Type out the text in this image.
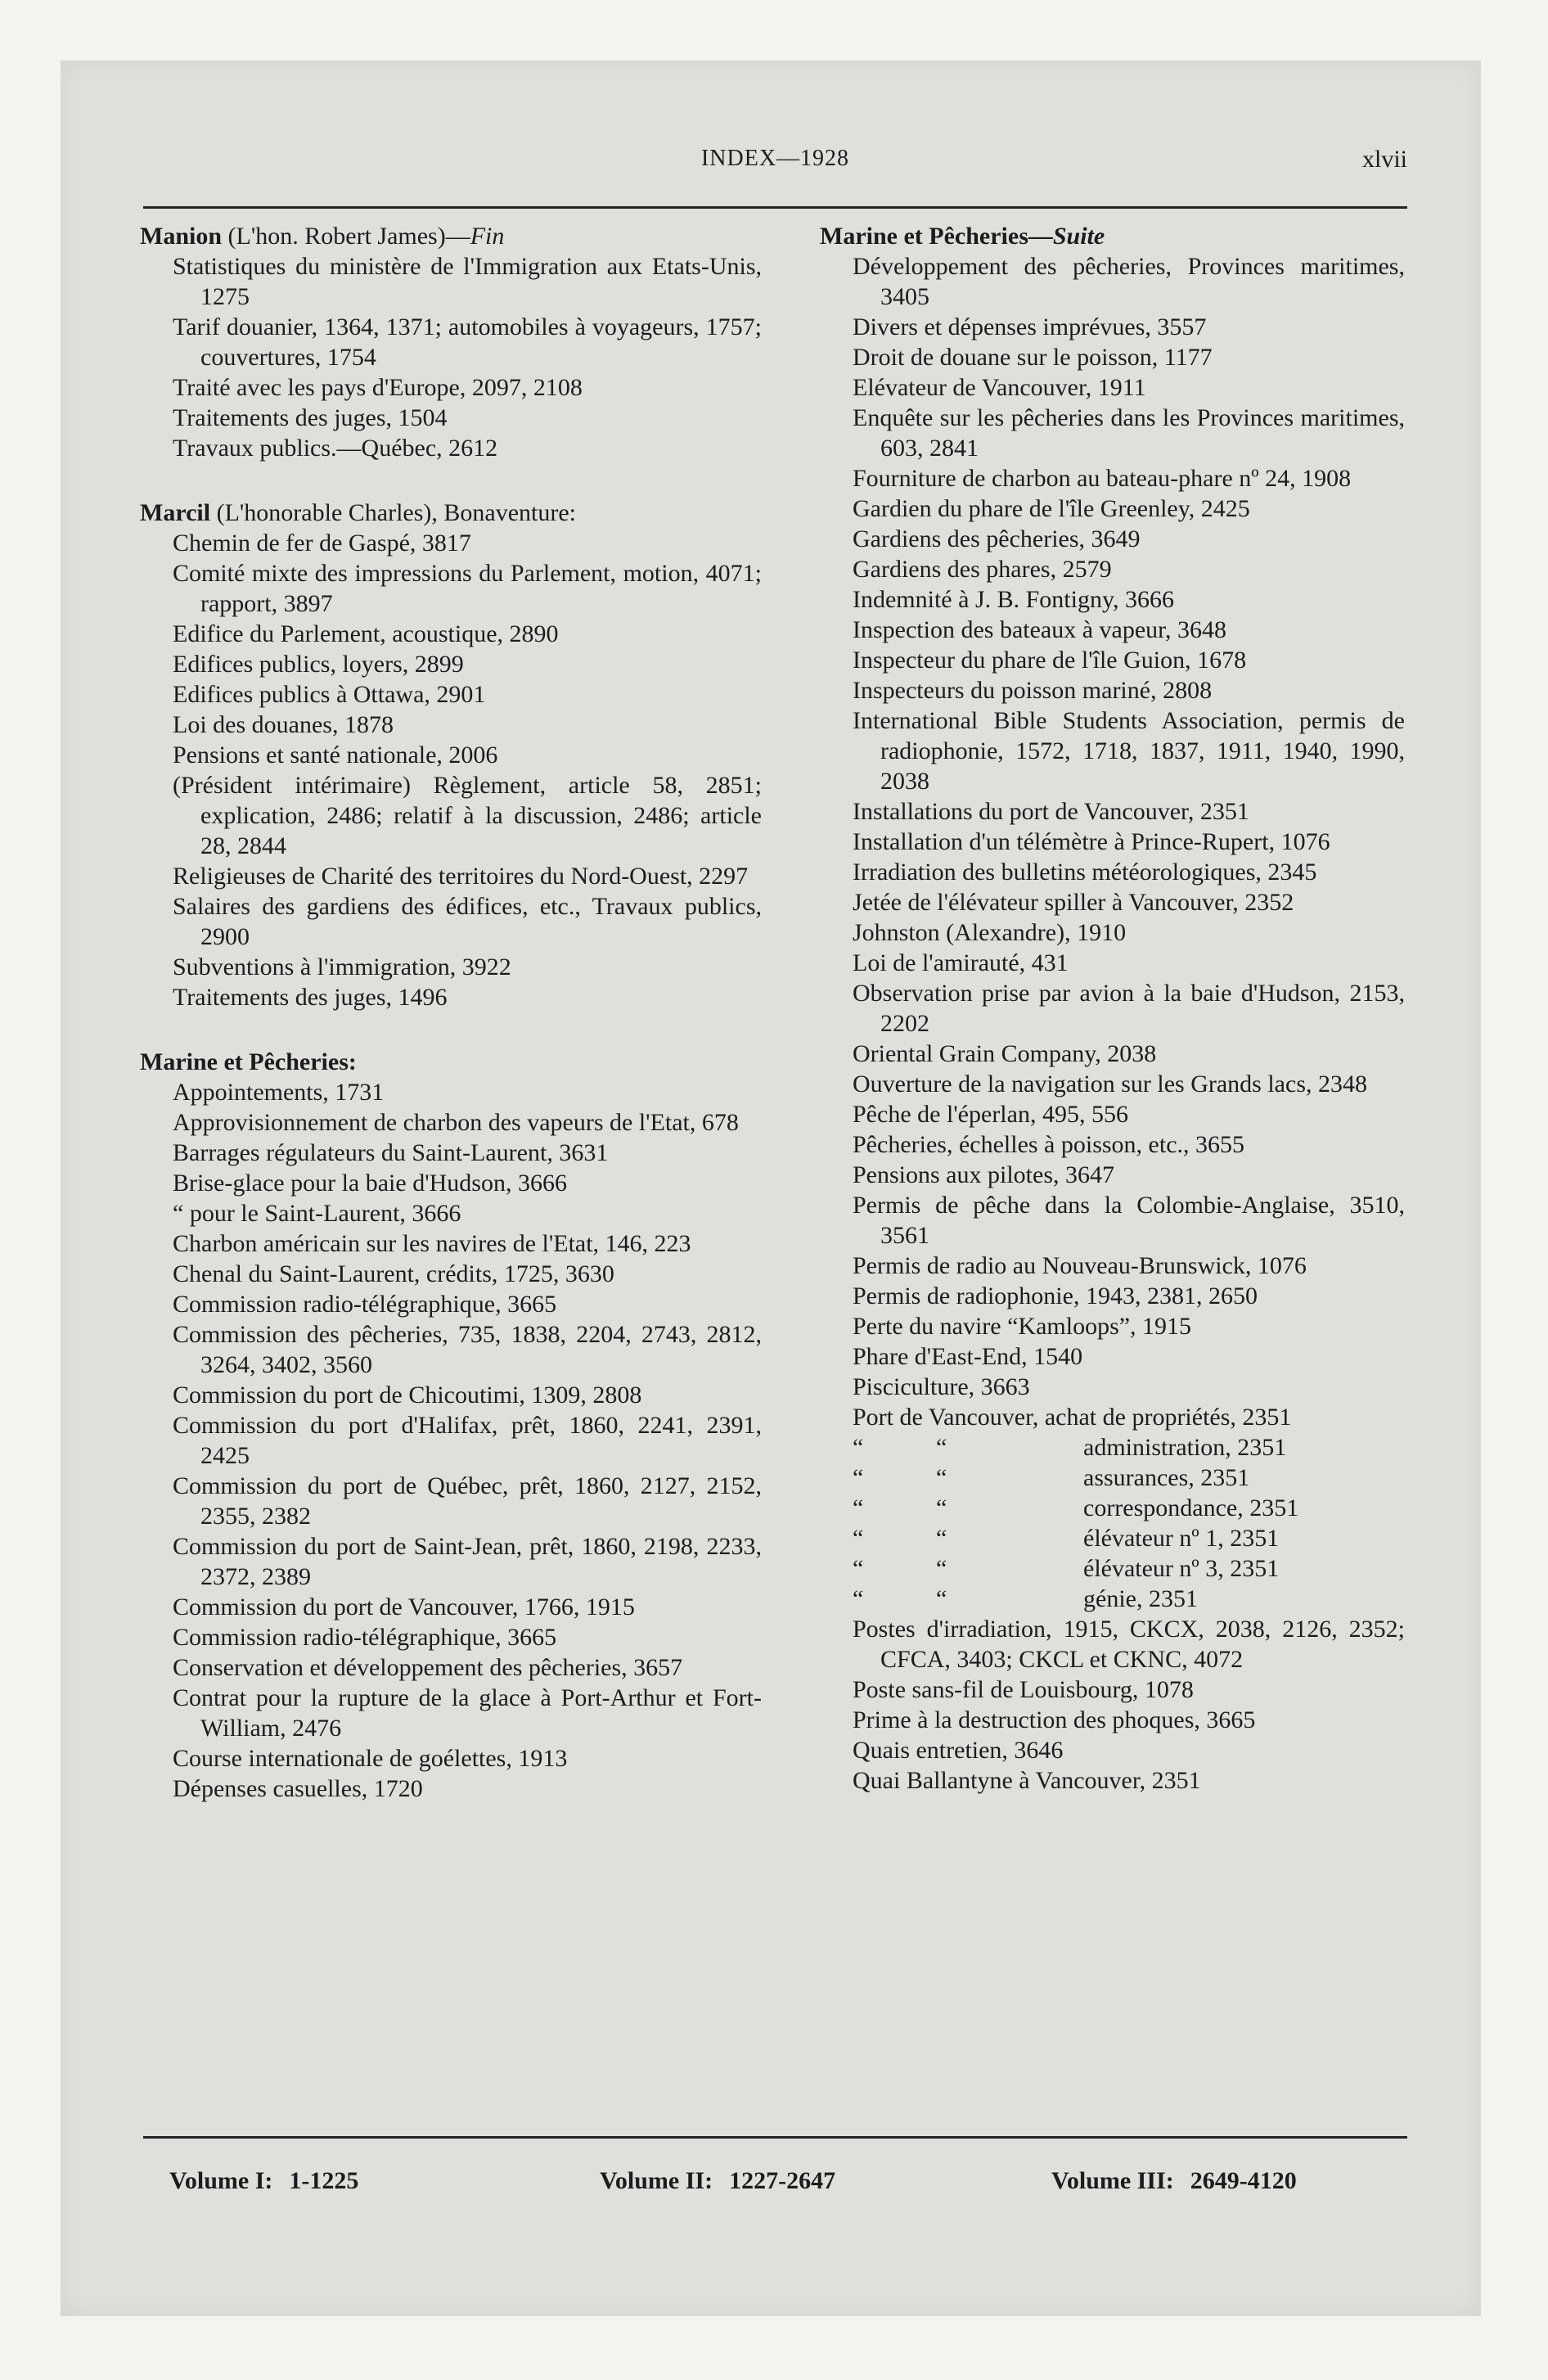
INDEX—1928	xlvii
Manion (L'hon. Robert James)—Fin
Statistiques du ministère de l'Immigration aux Etats-Unis, 1275
Tarif douanier, 1364, 1371; automobiles à voyageurs, 1757; couvertures, 1754
Traité avec les pays d'Europe, 2097, 2108
Traitements des juges, 1504
Travaux publics.—Québec, 2612
Marcil (L'honorable Charles), Bonaventure:
Chemin de fer de Gaspé, 3817
Comité mixte des impressions du Parlement, motion, 4071; rapport, 3897
Edifice du Parlement, acoustique, 2890
Edifices publics, loyers, 2899
Edifices publics à Ottawa, 2901
Loi des douanes, 1878
Pensions et santé nationale, 2006
(Président intérimaire) Règlement, article 58, 2851; explication, 2486; relatif à la discussion, 2486; article 28, 2844
Religieuses de Charité des territoires du Nord-Ouest, 2297
Salaires des gardiens des édifices, etc., Travaux publics, 2900
Subventions à l'immigration, 3922
Traitements des juges, 1496
Marine et Pêcheries:
Appointements, 1731
Approvisionnement de charbon des vapeurs de l'Etat, 678
Barrages régulateurs du Saint-Laurent, 3631
Brise-glace pour la baie d'Hudson, 3666
“ pour le Saint-Laurent, 3666
Charbon américain sur les navires de l'Etat, 146, 223
Chenal du Saint-Laurent, crédits, 1725, 3630
Commission radio-télégraphique, 3665
Commission des pêcheries, 735, 1838, 2204, 2743, 2812, 3264, 3402, 3560
Commission du port de Chicoutimi, 1309, 2808
Commission du port d'Halifax, prêt, 1860, 2241, 2391, 2425
Commission du port de Québec, prêt, 1860, 2127, 2152, 2355, 2382
Commission du port de Saint-Jean, prêt, 1860, 2198, 2233, 2372, 2389
Commission du port de Vancouver, 1766, 1915
Commission radio-télégraphique, 3665
Conservation et développement des pêcheries, 3657
Contrat pour la rupture de la glace à Port-Arthur et Fort-William, 2476
Course internationale de goélettes, 1913
Dépenses casuelles, 1720
Marine et Pêcheries—Suite
Développement des pêcheries, Provinces maritimes, 3405
Divers et dépenses imprévues, 3557
Droit de douane sur le poisson, 1177
Elévateur de Vancouver, 1911
Enquête sur les pêcheries dans les Provinces maritimes, 603, 2841
Fourniture de charbon au bateau-phare nº 24, 1908
Gardien du phare de l'île Greenley, 2425
Gardiens des pêcheries, 3649
Gardiens des phares, 2579
Indemnité à J. B. Fontigny, 3666
Inspection des bateaux à vapeur, 3648
Inspecteur du phare de l'île Guion, 1678
Inspecteurs du poisson mariné, 2808
International Bible Students Association, permis de radiophonie, 1572, 1718, 1837, 1911, 1940, 1990, 2038
Installations du port de Vancouver, 2351
Installation d'un télémètre à Prince-Rupert, 1076
Irradiation des bulletins météorologiques, 2345
Jetée de l'élévateur spiller à Vancouver, 2352
Johnston (Alexandre), 1910
Loi de l'amirauté, 431
Observation prise par avion à la baie d'Hudson, 2153, 2202
Oriental Grain Company, 2038
Ouverture de la navigation sur les Grands lacs, 2348
Pêche de l'éperlan, 495, 556
Pêcheries, échelles à poisson, etc., 3655
Pensions aux pilotes, 3647
Permis de pêche dans la Colombie-Anglaise, 3510, 3561
Permis de radio au Nouveau-Brunswick, 1076
Permis de radiophonie, 1943, 2381, 2650
Perte du navire “Kamloops”, 1915
Phare d'East-End, 1540
Pisciculture, 3663
Port de Vancouver, achat de propriétés, 2351
“	“	administration, 2351
“	“	assurances, 2351
“	“	correspondance, 2351
“	“	élévateur nº 1, 2351
“	“	élévateur nº 3, 2351
“	“	génie, 2351
Postes d'irradiation, 1915, CKCX, 2038, 2126, 2352; CFCA, 3403; CKCL et CKNC, 4072
Poste sans-fil de Louisbourg, 1078
Prime à la destruction des phoques, 3665
Quais entretien, 3646
Quai Ballantyne à Vancouver, 2351
Volume I: 1-1225	Volume II: 1227-2647	Volume III: 2649-4120
